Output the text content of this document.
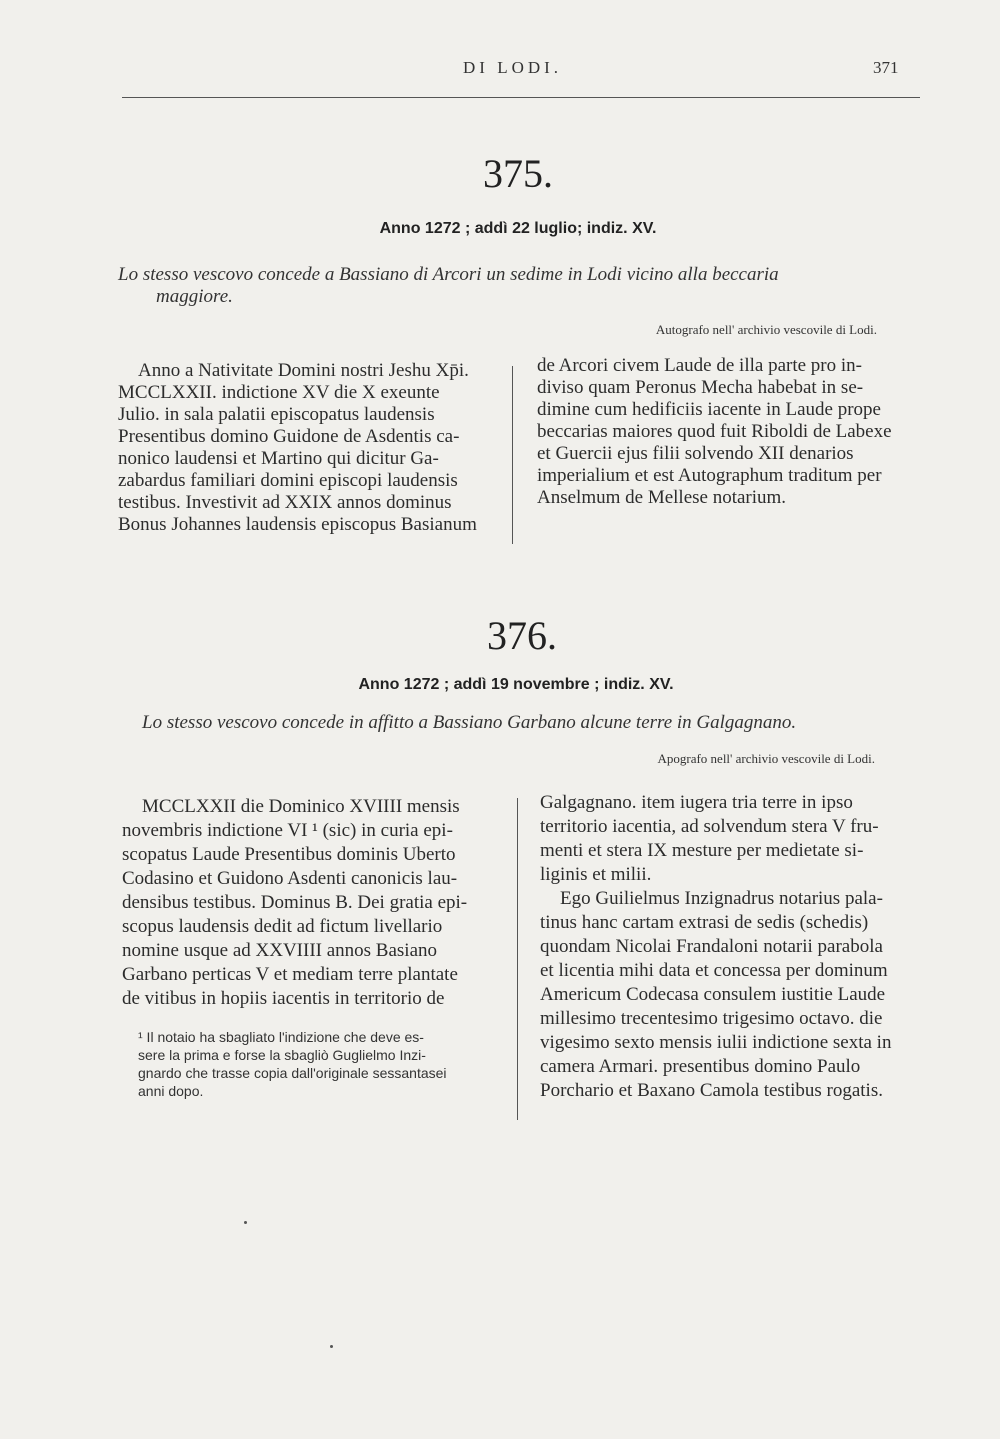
DI LODI.	371
375.
Anno 1272 ; addì 22 luglio; indiz. XV.
Lo stesso vescovo concede a Bassiano di Arcori un sedime in Lodi vicino alla beccaria
maggiore.
Autografo nell' archivio vescovile di Lodi.

Anno a Nativitate Domini nostri Jeshu Xp̄i.

MCCLXXII. indictione XV die X exeunte

Julio. in sala palatii episcopatus laudensis

Presentibus domino Guidone de Asdentis ca-

nonico laudensi et Martino qui dicitur Ga-

zabardus familiari domini episcopi laudensis

testibus. Investivit ad XXIX annos dominus

Bonus Johannes laudensis episcopus Basianum

de Arcori civem Laude de illa parte pro in-

diviso quam Peronus Mecha habebat in se-

dimine cum hedificiis iacente in Laude prope

beccarias maiores quod fuit Riboldi de Labexe

et Guercii ejus filii solvendo XII denarios

imperialium et est Autographum traditum per

Anselmum de Mellese notarium.

376.
Anno 1272 ; addì 19 novembre ; indiz. XV.
Lo stesso vescovo concede in affitto a Bassiano Garbano alcune terre in Galgagnano.
Apografo nell' archivio vescovile di Lodi.

MCCLXXII die Dominico XVIIII mensis

novembris indictione VI ¹ (sic) in curia epi-

scopatus Laude Presentibus dominis Uberto

Codasino et Guidono Asdenti canonicis lau-

densibus testibus. Dominus B. Dei gratia epi-

scopus laudensis dedit ad fictum livellario

nomine usque ad XXVIIII annos Basiano

Garbano perticas V et mediam terre plantate

de vitibus in hopiis iacentis in territorio de

¹ Il notaio ha sbagliato l'indizione che deve es-
sere la prima e forse la sbagliò Guglielmo Inzi-
gnardo che trasse copia dall'originale sessantasei
anni dopo.

Galgagnano. item iugera tria terre in ipso

territorio iacentia, ad solvendum stera V fru-

menti et stera IX mesture per medietate si-

liginis et milii.

Ego Guilielmus Inzignadrus notarius pala-

tinus hanc cartam extrasi de sedis (schedis)

quondam Nicolai Frandaloni notarii parabola

et licentia mihi data et concessa per dominum

Americum Codecasa consulem iustitie Laude

millesimo trecentesimo trigesimo octavo. die

vigesimo sexto mensis iulii indictione sexta in

camera Armari. presentibus domino Paulo

Porchario et Baxano Camola testibus rogatis.
